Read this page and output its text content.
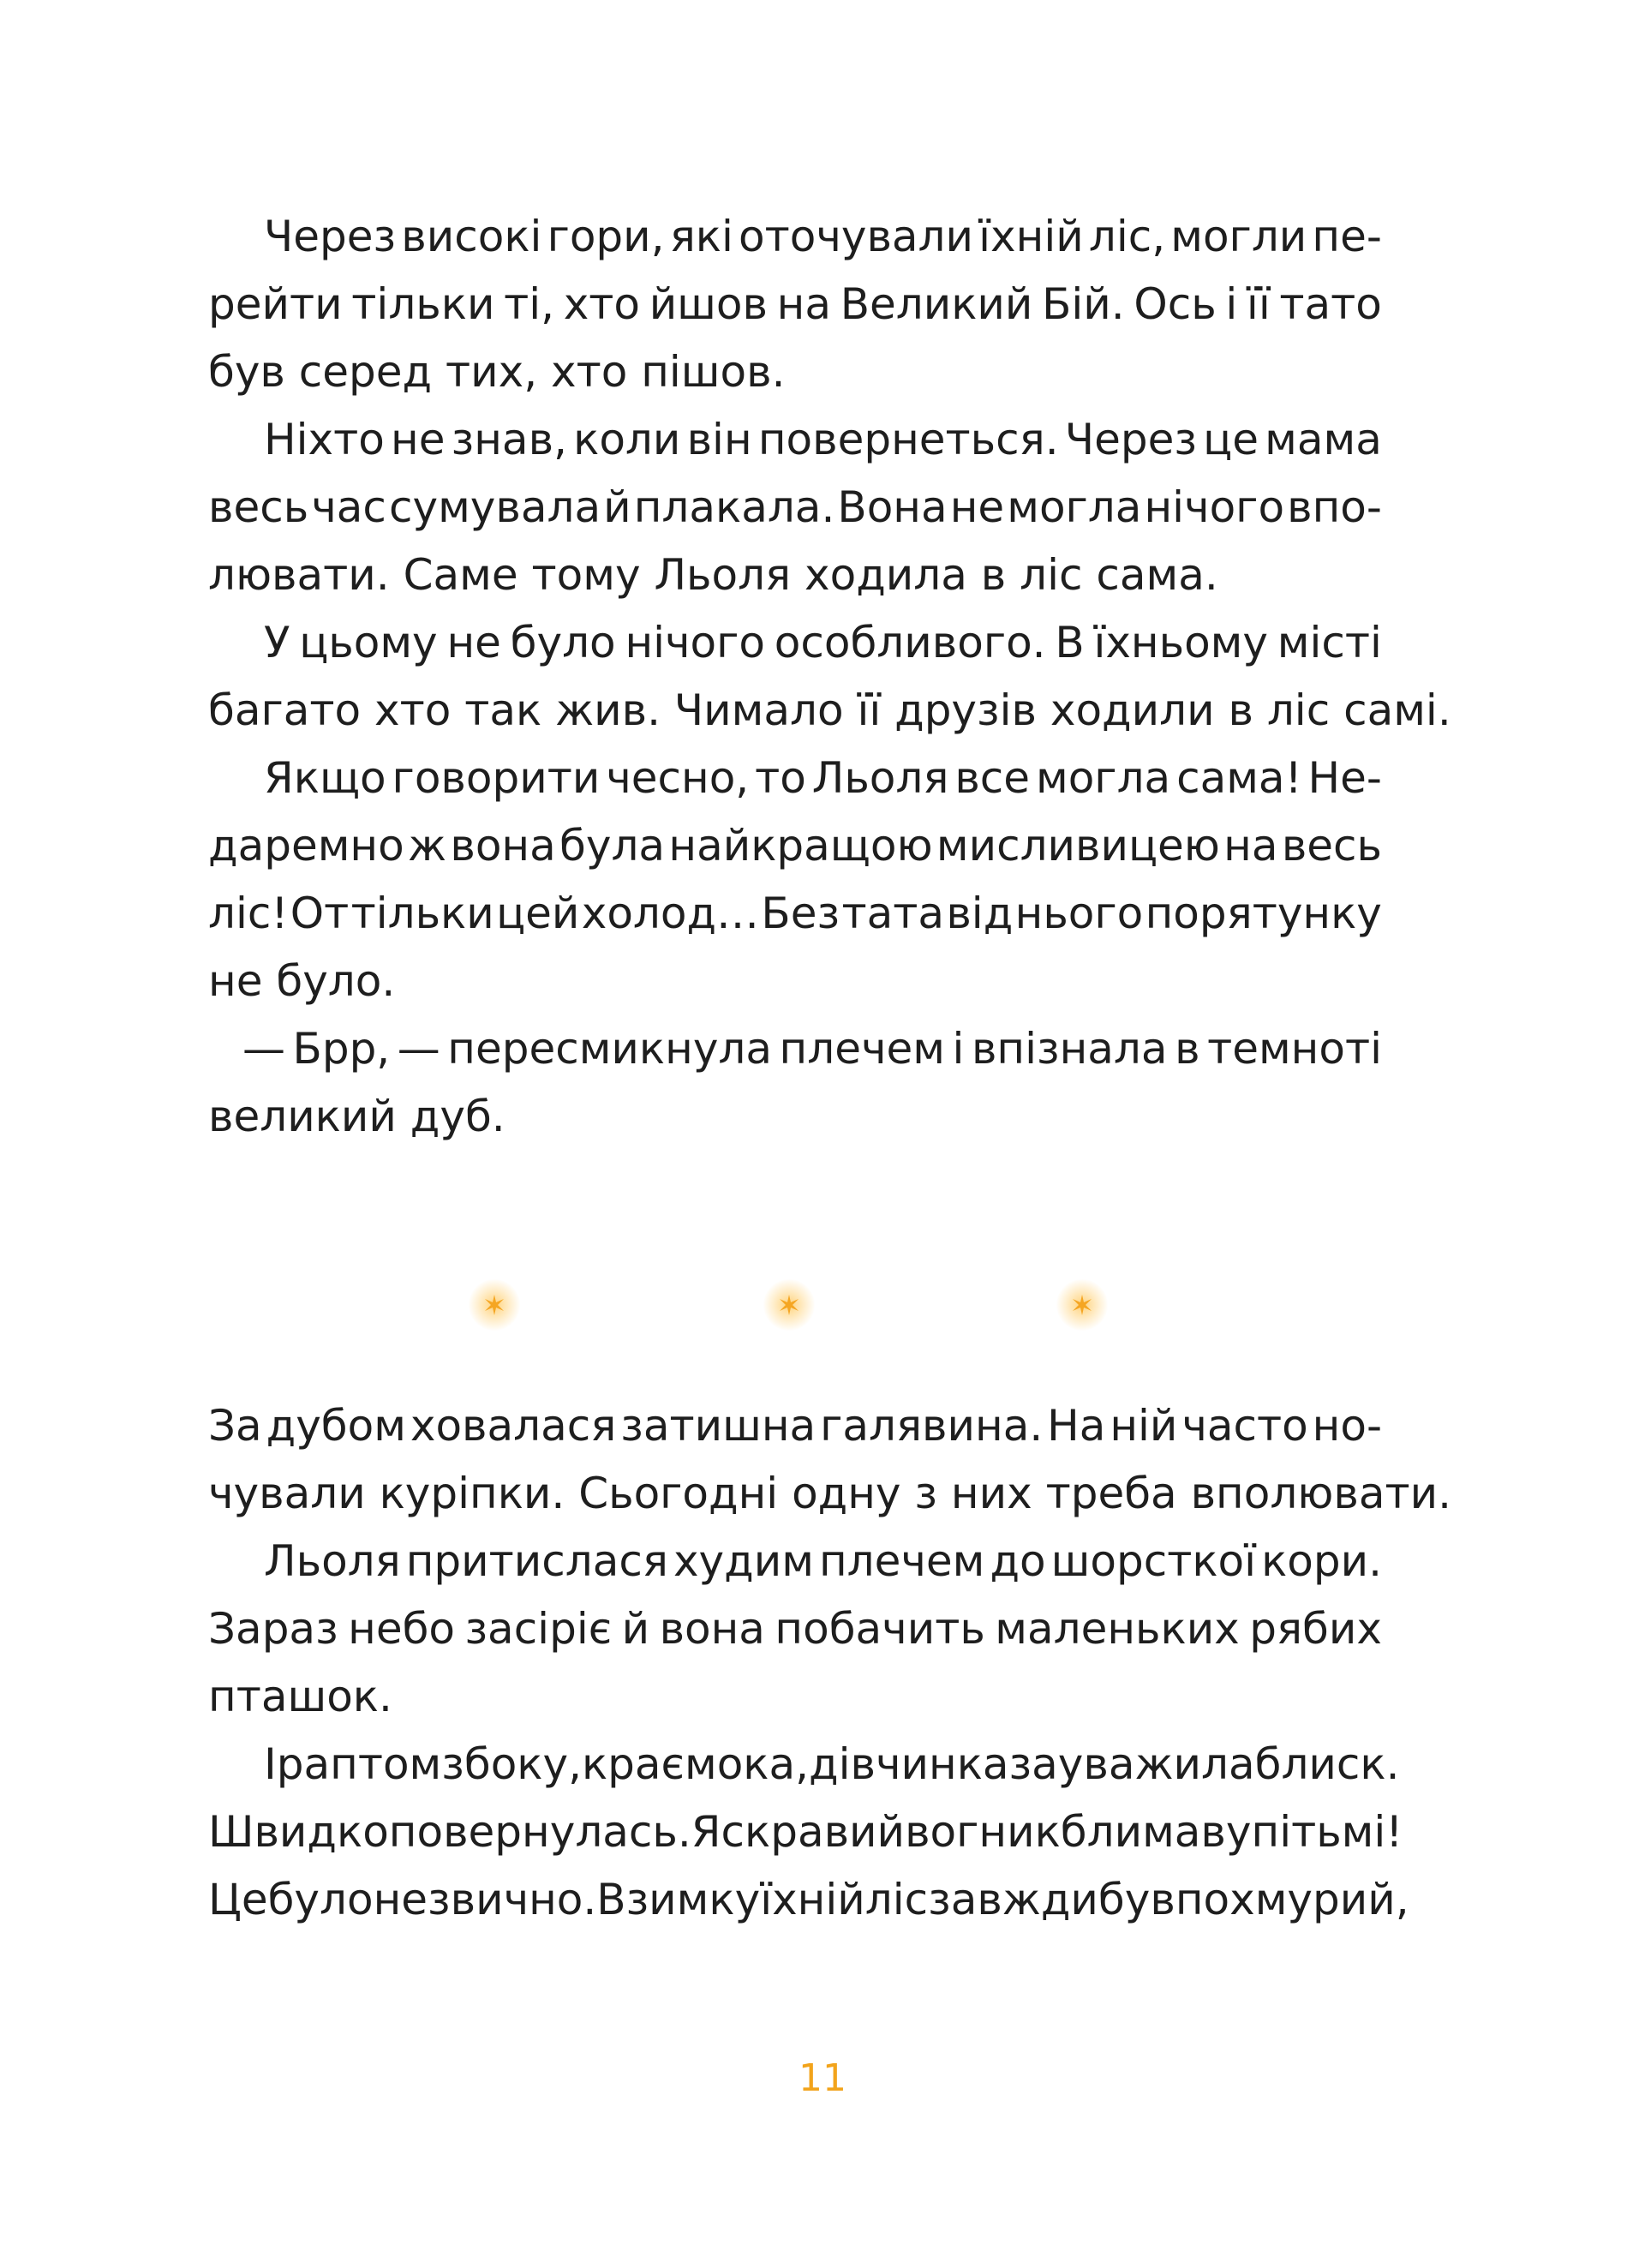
Через високі гори, які оточували їхній ліс, могли пе-
рейти тільки ті, хто йшов на Великий Бій. Ось і її тато
був серед тих, хто пішов.
Ніхто не знав, коли він повернеться. Через це мама
весь час сумувала й плакала. Вона не могла нічого впо-
лювати. Саме тому Льоля ходила в ліс сама.
У цьому не було нічого особливого. В їхньому місті
багато хто так жив. Чимало її друзів ходили в ліс самі.
Якщо говорити чесно, то Льоля все могла сама! Не-
даремно ж вона була найкращою мисливицею на весь
ліс! От тільки цей холод… Без тата від нього порятунку
не було.
— Брр, — пересмикнула плечем і впізнала в темноті
великий дуб.
За дубом ховалася затишна галявина. На ній часто но-
чували куріпки. Сьогодні одну з них треба вполювати.
Льоля притислася худим плечем до шорсткої кори.
Зараз небо засіріє й вона побачить маленьких рябих
пташок.
І раптом збоку, краєм ока, дівчинка зауважила блиск.
Швидко повернулась. Яскравий вогник блимав у пітьмі!
Це було незвично. Взимку їхній ліс завжди був похмурий,
11
